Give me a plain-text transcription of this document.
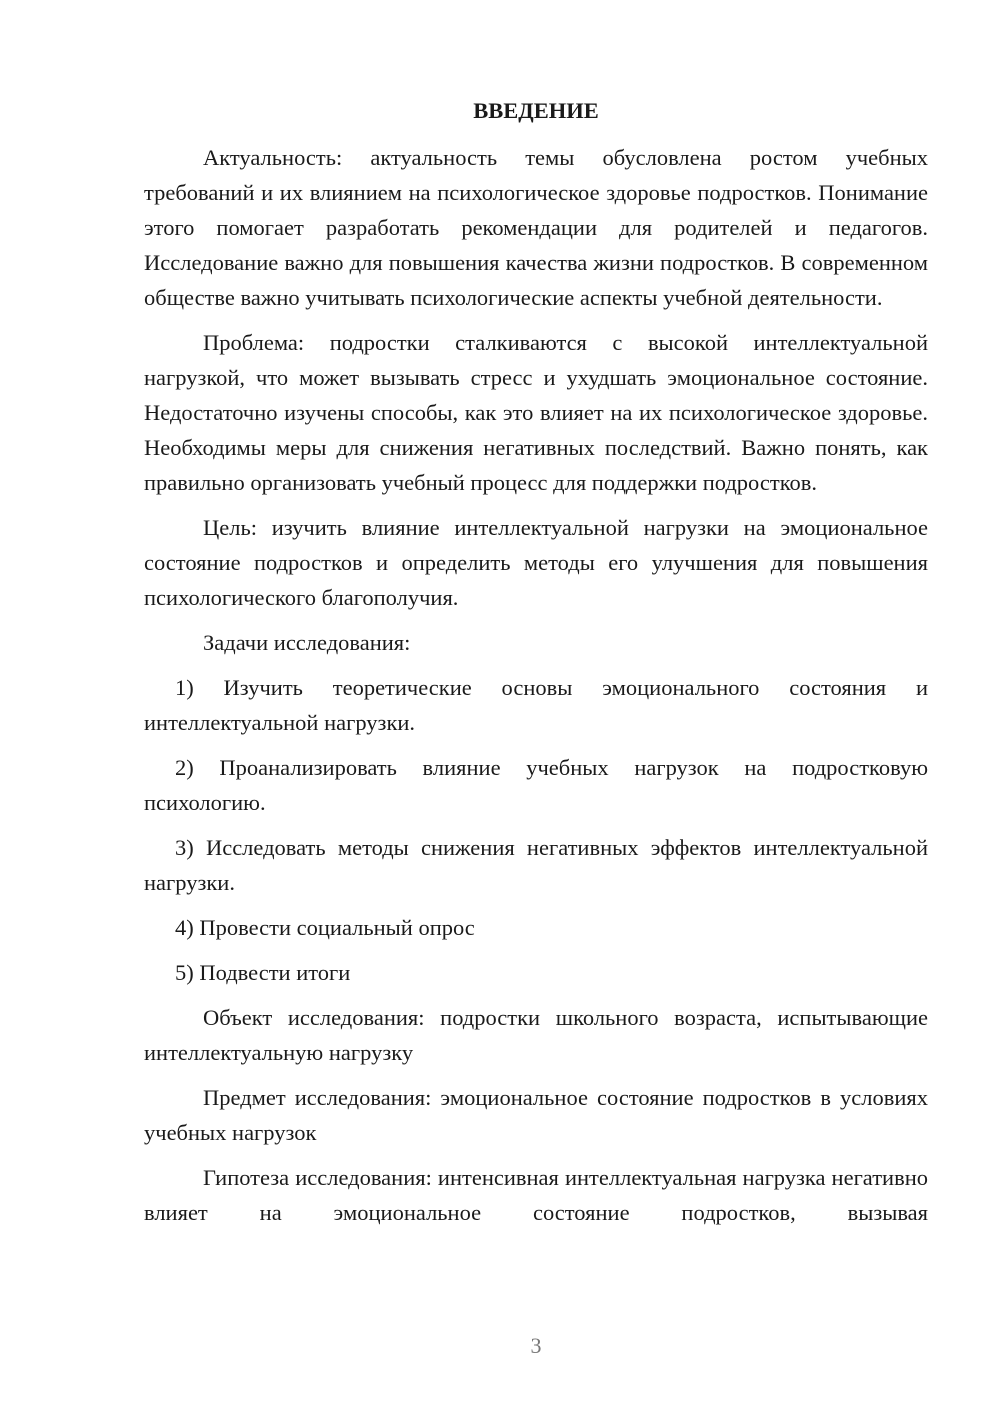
ВВЕДЕНИЕ

Актуальность: актуальность темы обусловлена ростом учебных требований и их влиянием на психологическое здоровье подростков. Понимание этого помогает разработать рекомендации для родителей и педагогов. Исследование важно для повышения качества жизни подростков. В современном обществе важно учитывать психологические аспекты учебной деятельности.

Проблема: подростки сталкиваются с высокой интеллектуальной нагрузкой, что может вызывать стресс и ухудшать эмоциональное состояние. Недостаточно изучены способы, как это влияет на их психологическое здоровье. Необходимы меры для снижения негативных последствий. Важно понять, как правильно организовать учебный процесс для поддержки подростков.

Цель: изучить влияние интеллектуальной нагрузки на эмоциональное состояние подростков и определить методы его улучшения для повышения психологического благополучия.

Задачи исследования:

1) Изучить теоретические основы эмоционального состояния и интеллектуальной нагрузки.

2) Проанализировать влияние учебных нагрузок на подростковую психологию.

3) Исследовать методы снижения негативных эффектов интеллектуальной нагрузки.

4) Провести социальный опрос

5) Подвести итоги

Объект исследования: подростки школьного возраста, испытывающие интеллектуальную нагрузку

Предмет исследования: эмоциональное состояние подростков в условиях учебных нагрузок

Гипотеза исследования: интенсивная интеллектуальная нагрузка негативно влияет на эмоциональное состояние подростков, вызывая

3
